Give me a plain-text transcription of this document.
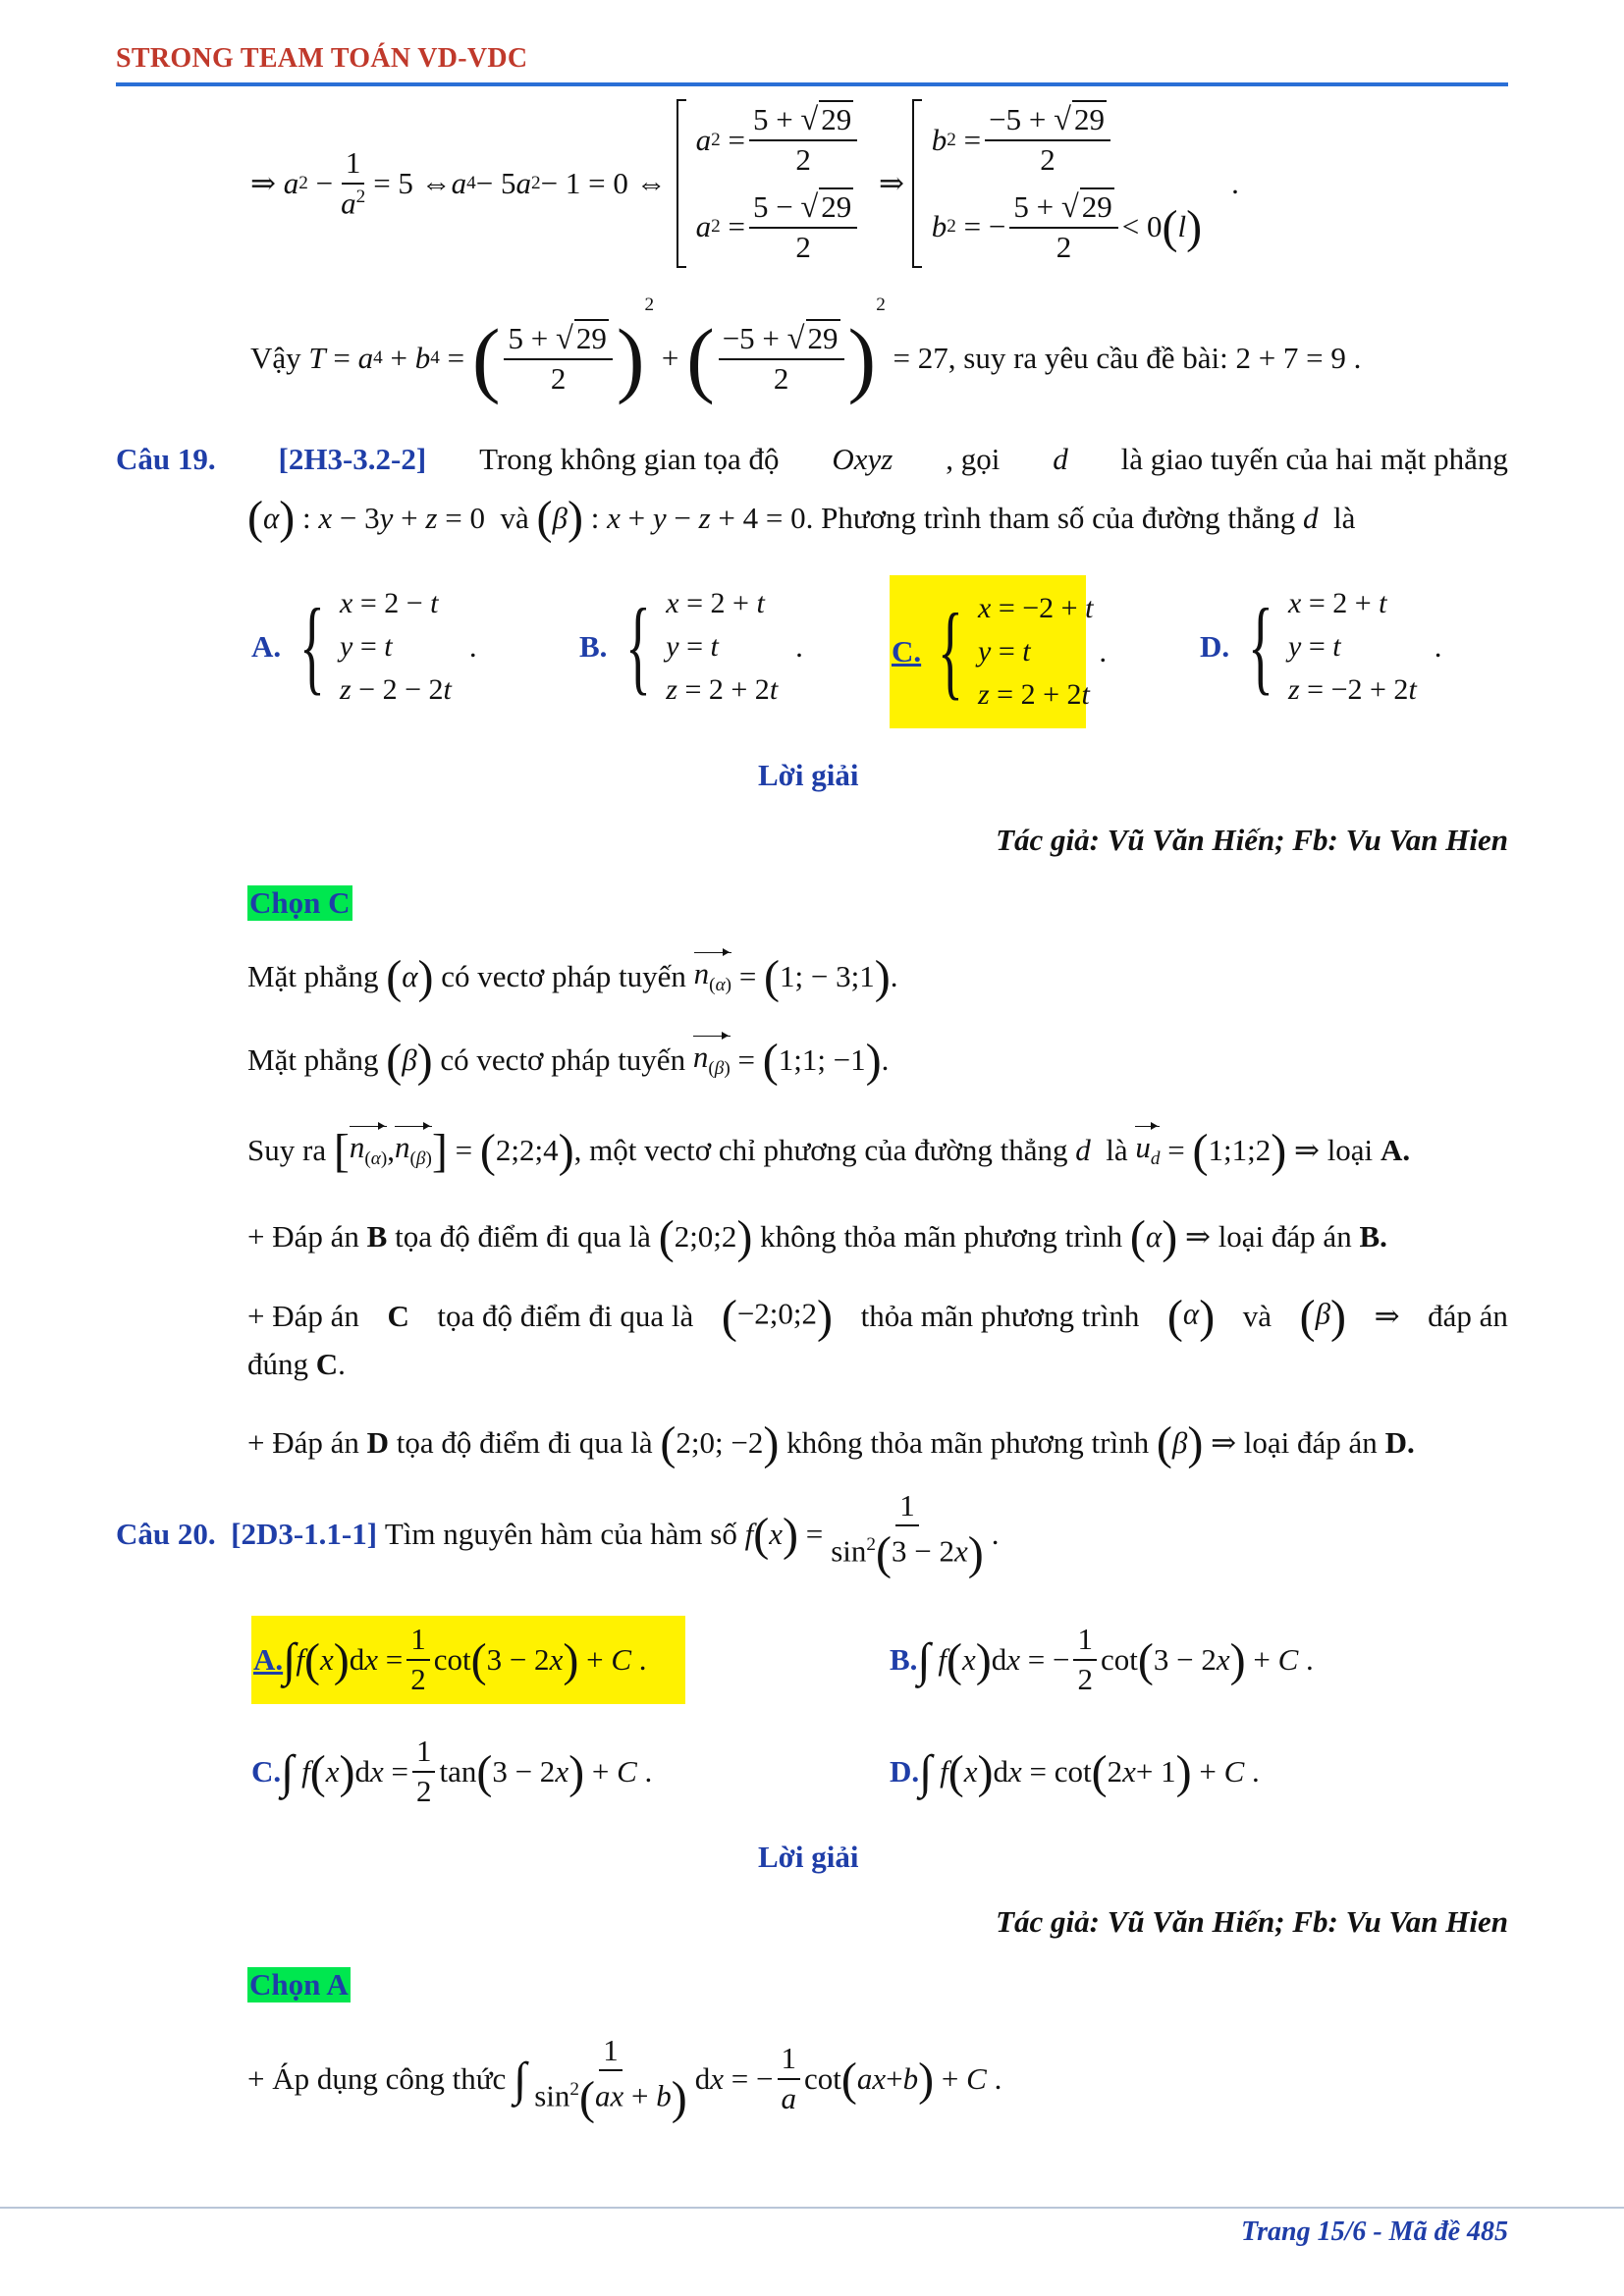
STRONG TEAM TOÁN VD-VDC
⇒
a $2 - \frac{1}{a^2} = 5$ ⇔ a 4 − 5 a 2 − 1 = 0 ⇔
a $2 = \frac{5 + √29}{2}$
a $2 = \frac{5 - √29}{2}$
⇒
b $2 = \frac{-5 + √29}{2}$
b 2 = − $\frac{5 + √29}{2} < 0$ ( l )
.
Vậy
T = a 4 + b 4 = ( $\frac{5 + √29}{2}$ )
$^2$
+ ( $\frac{-5 + √29}{2}$ )
$^2$
= 27 , suy ra yêu cầu đề bài: 2 + 7 = 9 .
Câu 19. [2H3-3.2-2] Trong không gian tọa độ Oxyz , gọi d là giao tuyến của hai mặt phẳng
( α ) : x − 3 y + z = 0 và
( β ) : x + y − z + 4 = 0 . Phương trình tham số của đường thẳng
d
là
A. { x = 2 − t
y = t
z − 2 − 2t
.	B. { x = 2 + t
y = t
z = 2 + 2t
.	C. { x = −2 + t
y = t
z = 2 + 2t
.	D. { x = 2 + t
y = t
z = −2 + 2t
.
Lời giải
Tác giả: Vũ Văn Hiến; Fb: Vu Van Hien
Chọn C
Mặt phẳng
( α )
có vectơ pháp tuyến
$n_{(\alpha)}$ = ( 1; − 3;1 ) .
Mặt phẳng
( β )
có vectơ pháp tuyến
$n_{(\beta)}$ = ( 1;1; −1 ) .
Suy ra
[ $n_{(\alpha)}$ , $n_{(\beta)}$ ] = ( 2;2;4 ) , một vectơ chỉ phương của đường thẳng
d
là
$u_d$ = ( 1;1;2 ) ⇒ loại
A.
+ Đáp án
B
tọa độ điểm đi qua là
( 2;0;2 )
không thỏa mãn phương trình
( α ) ⇒ loại đáp án
B.
+ Đáp án C tọa độ điểm đi qua là (−2;0;2) thỏa mãn phương trình (α) và (β) ⇒ đáp án
đúng C.
+ Đáp án
D
tọa độ điểm đi qua là
( 2;0; −2 )
không thỏa mãn phương trình
( β ) ⇒ loại đáp án
D.
Câu 20.
[2D3-1.1-1]
Tìm nguyên hàm của hàm số
f ( x ) = $\frac{1}{\sin^2(3 - 2x)}$ .
A. ∫ f ( x ) d $x = \frac{1}{2}$ cot ( 3 − 2 x ) + C .	B. ∫
f ( x ) d x = − $\frac{1}{2}$ cot ( 3 − 2 x ) + C .
C. ∫
f ( x ) d $x = \frac{1}{2}$ tan ( 3 − 2 x ) + C .	D. ∫
f ( x ) d x = cot ( 2 x + 1 ) + C .
Lời giải
Tác giả: Vũ Văn Hiến; Fb: Vu Van Hien
Chọn A
+ Áp dụng công thức
∫ $\frac{1}{\sin^2(ax + b)}$ d x = − $\frac{1}{a}$ cot ( ax + b ) + C .
Trang 15/6 - Mã đề 485
